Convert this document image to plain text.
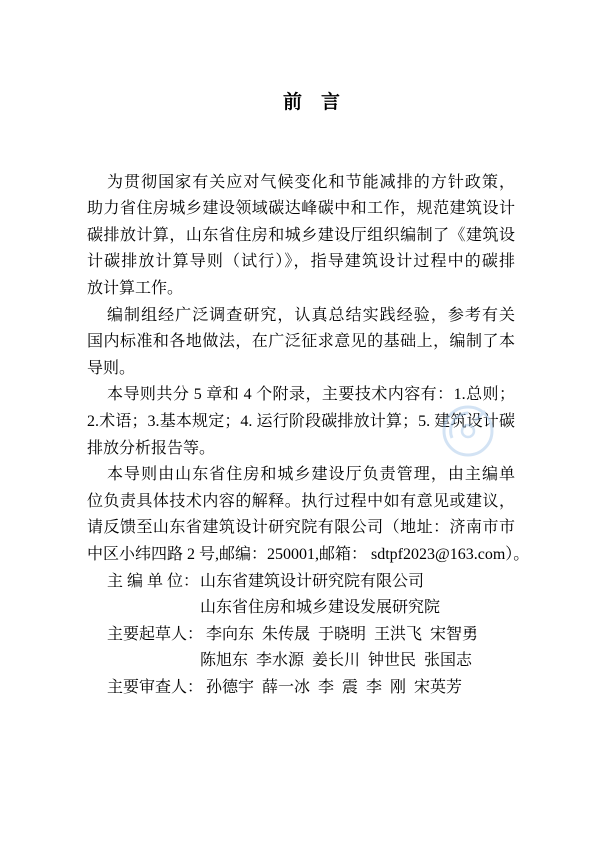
前　言
为贯彻国家有关应对气候变化和节能减排的方针政策，
助力省住房城乡建设领域碳达峰碳中和工作，规范建筑设计
碳排放计算，山东省住房和城乡建设厅组织编制了《建筑设
计碳排放计算导则（试行）》，指导建筑设计过程中的碳排
放计算工作。
编制组经广泛调查研究，认真总结实践经验，参考有关
国内标准和各地做法，在广泛征求意见的基础上，编制了本
导则。
本导则共分 5 章和 4 个附录，主要技术内容有：1.总则；
2.术语；3.基本规定；4. 运行阶段碳排放计算；5. 建筑设计碳
排放分析报告等。
本导则由山东省住房和城乡建设厅负责管理，由主编单
位负责具体技术内容的解释。执行过程中如有意见或建议，
请反馈至山东省建筑设计研究院有限公司（地址：济南市市
中区小纬四路 2 号,邮编：250001,邮箱： sdtpf2023@163.com）。
主 编 单 位： 山东省建筑设计研究院有限公司
山东省住房和城乡建设发展研究院
主要起草人： 李向东  朱传晟  于晓明  王洪飞  宋智勇
陈旭东  李水源  姜长川  钟世民  张国志
主要审查人： 孙德宇  薛一冰  李  震  李  刚  宋英芳
